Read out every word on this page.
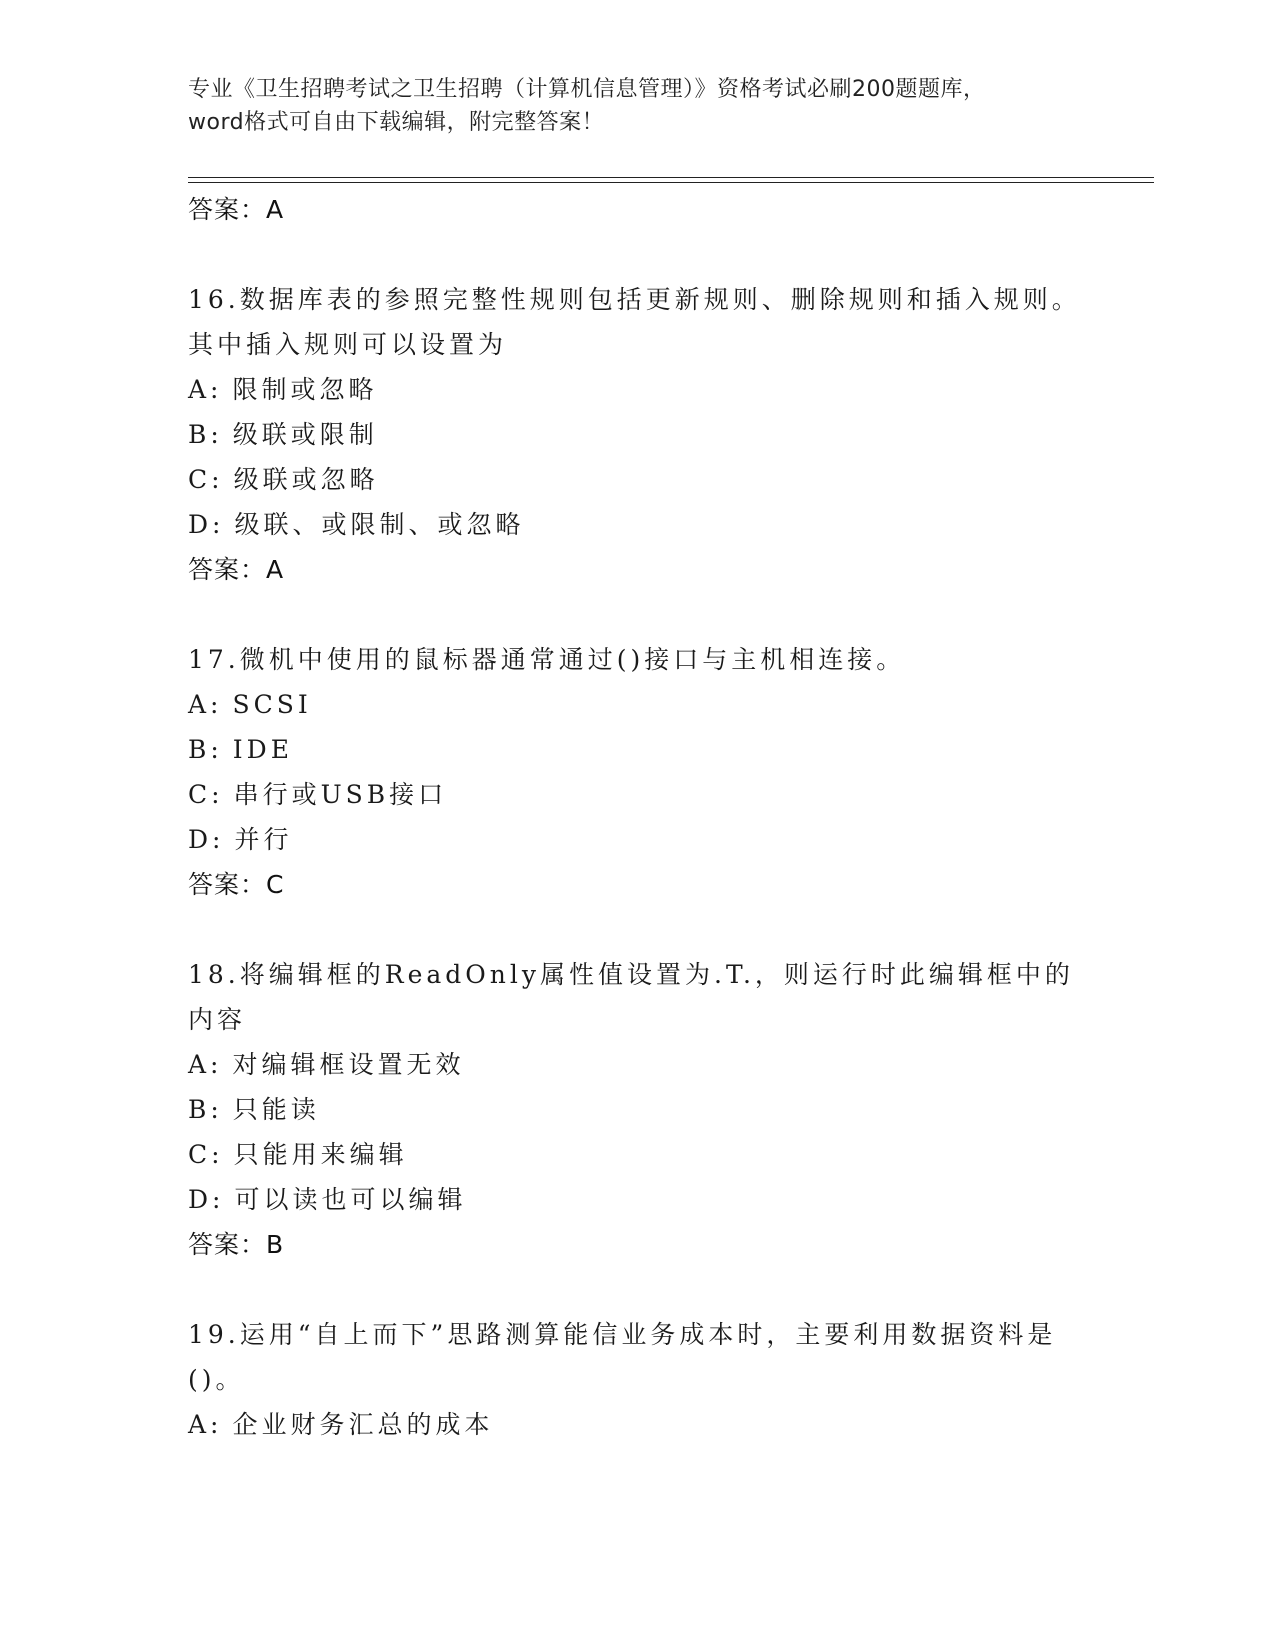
专业《卫生招聘考试之卫生招聘（计算机信息管理）》资格考试必刷200题题库，
word格式可自由下载编辑，附完整答案！
答案：A
16.数据库表的参照完整性规则包括更新规则、删除规则和插入规则。其中插入规则可以设置为
A: 限制或忽略
B: 级联或限制
C: 级联或忽略
D: 级联、或限制、或忽略
答案：A
17.微机中使用的鼠标器通常通过()接口与主机相连接。
A: SCSI
B: IDE
C: 串行或USB接口
D: 并行
答案：C
18.将编辑框的ReadOnly属性值设置为.T.，则运行时此编辑框中的内容
A: 对编辑框设置无效
B: 只能读
C: 只能用来编辑
D: 可以读也可以编辑
答案：B
19.运用“自上而下”思路测算能信业务成本时，主要利用数据资料是()。
A: 企业财务汇总的成本
